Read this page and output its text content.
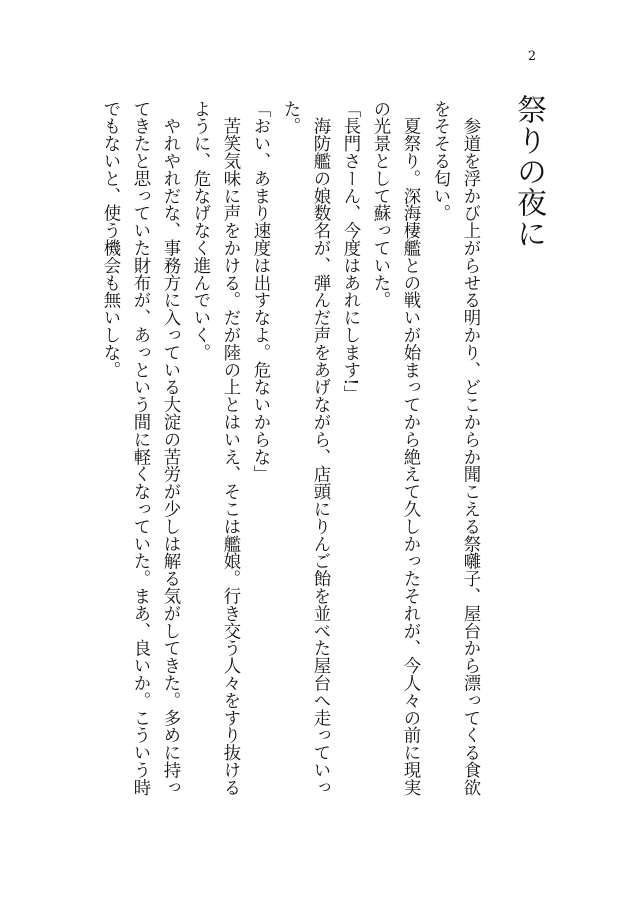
2
祭りの夜に

　参道を浮かび上がらせる明かり、どこからか聞こえる祭囃子、屋台から漂ってくる食欲

をそそる匂い。

　夏祭り。深海棲艦との戦いが始まってから絶えて久しかったそれが、今人々の前に現実

の光景として蘇っていた。

「長門さーん、今度はあれにします!」

　海防艦の娘数名が、弾んだ声をあげながら、店頭にりんご飴を並べた屋台へ走っていっ

た。

「おい、あまり速度は出すなよ。危ないからな」

　苦笑気味に声をかける。だが陸の上とはいえ、そこは艦娘。行き交う人々をすり抜ける

ように、危なげなく進んでいく。

　やれやれだな、事務方に入っている大淀の苦労が少しは解る気がしてきた。多めに持っ

てきたと思っていた財布が、あっという間に軽くなっていた。まあ、良いか。こういう時

でもないと、使う機会も無いしな。
